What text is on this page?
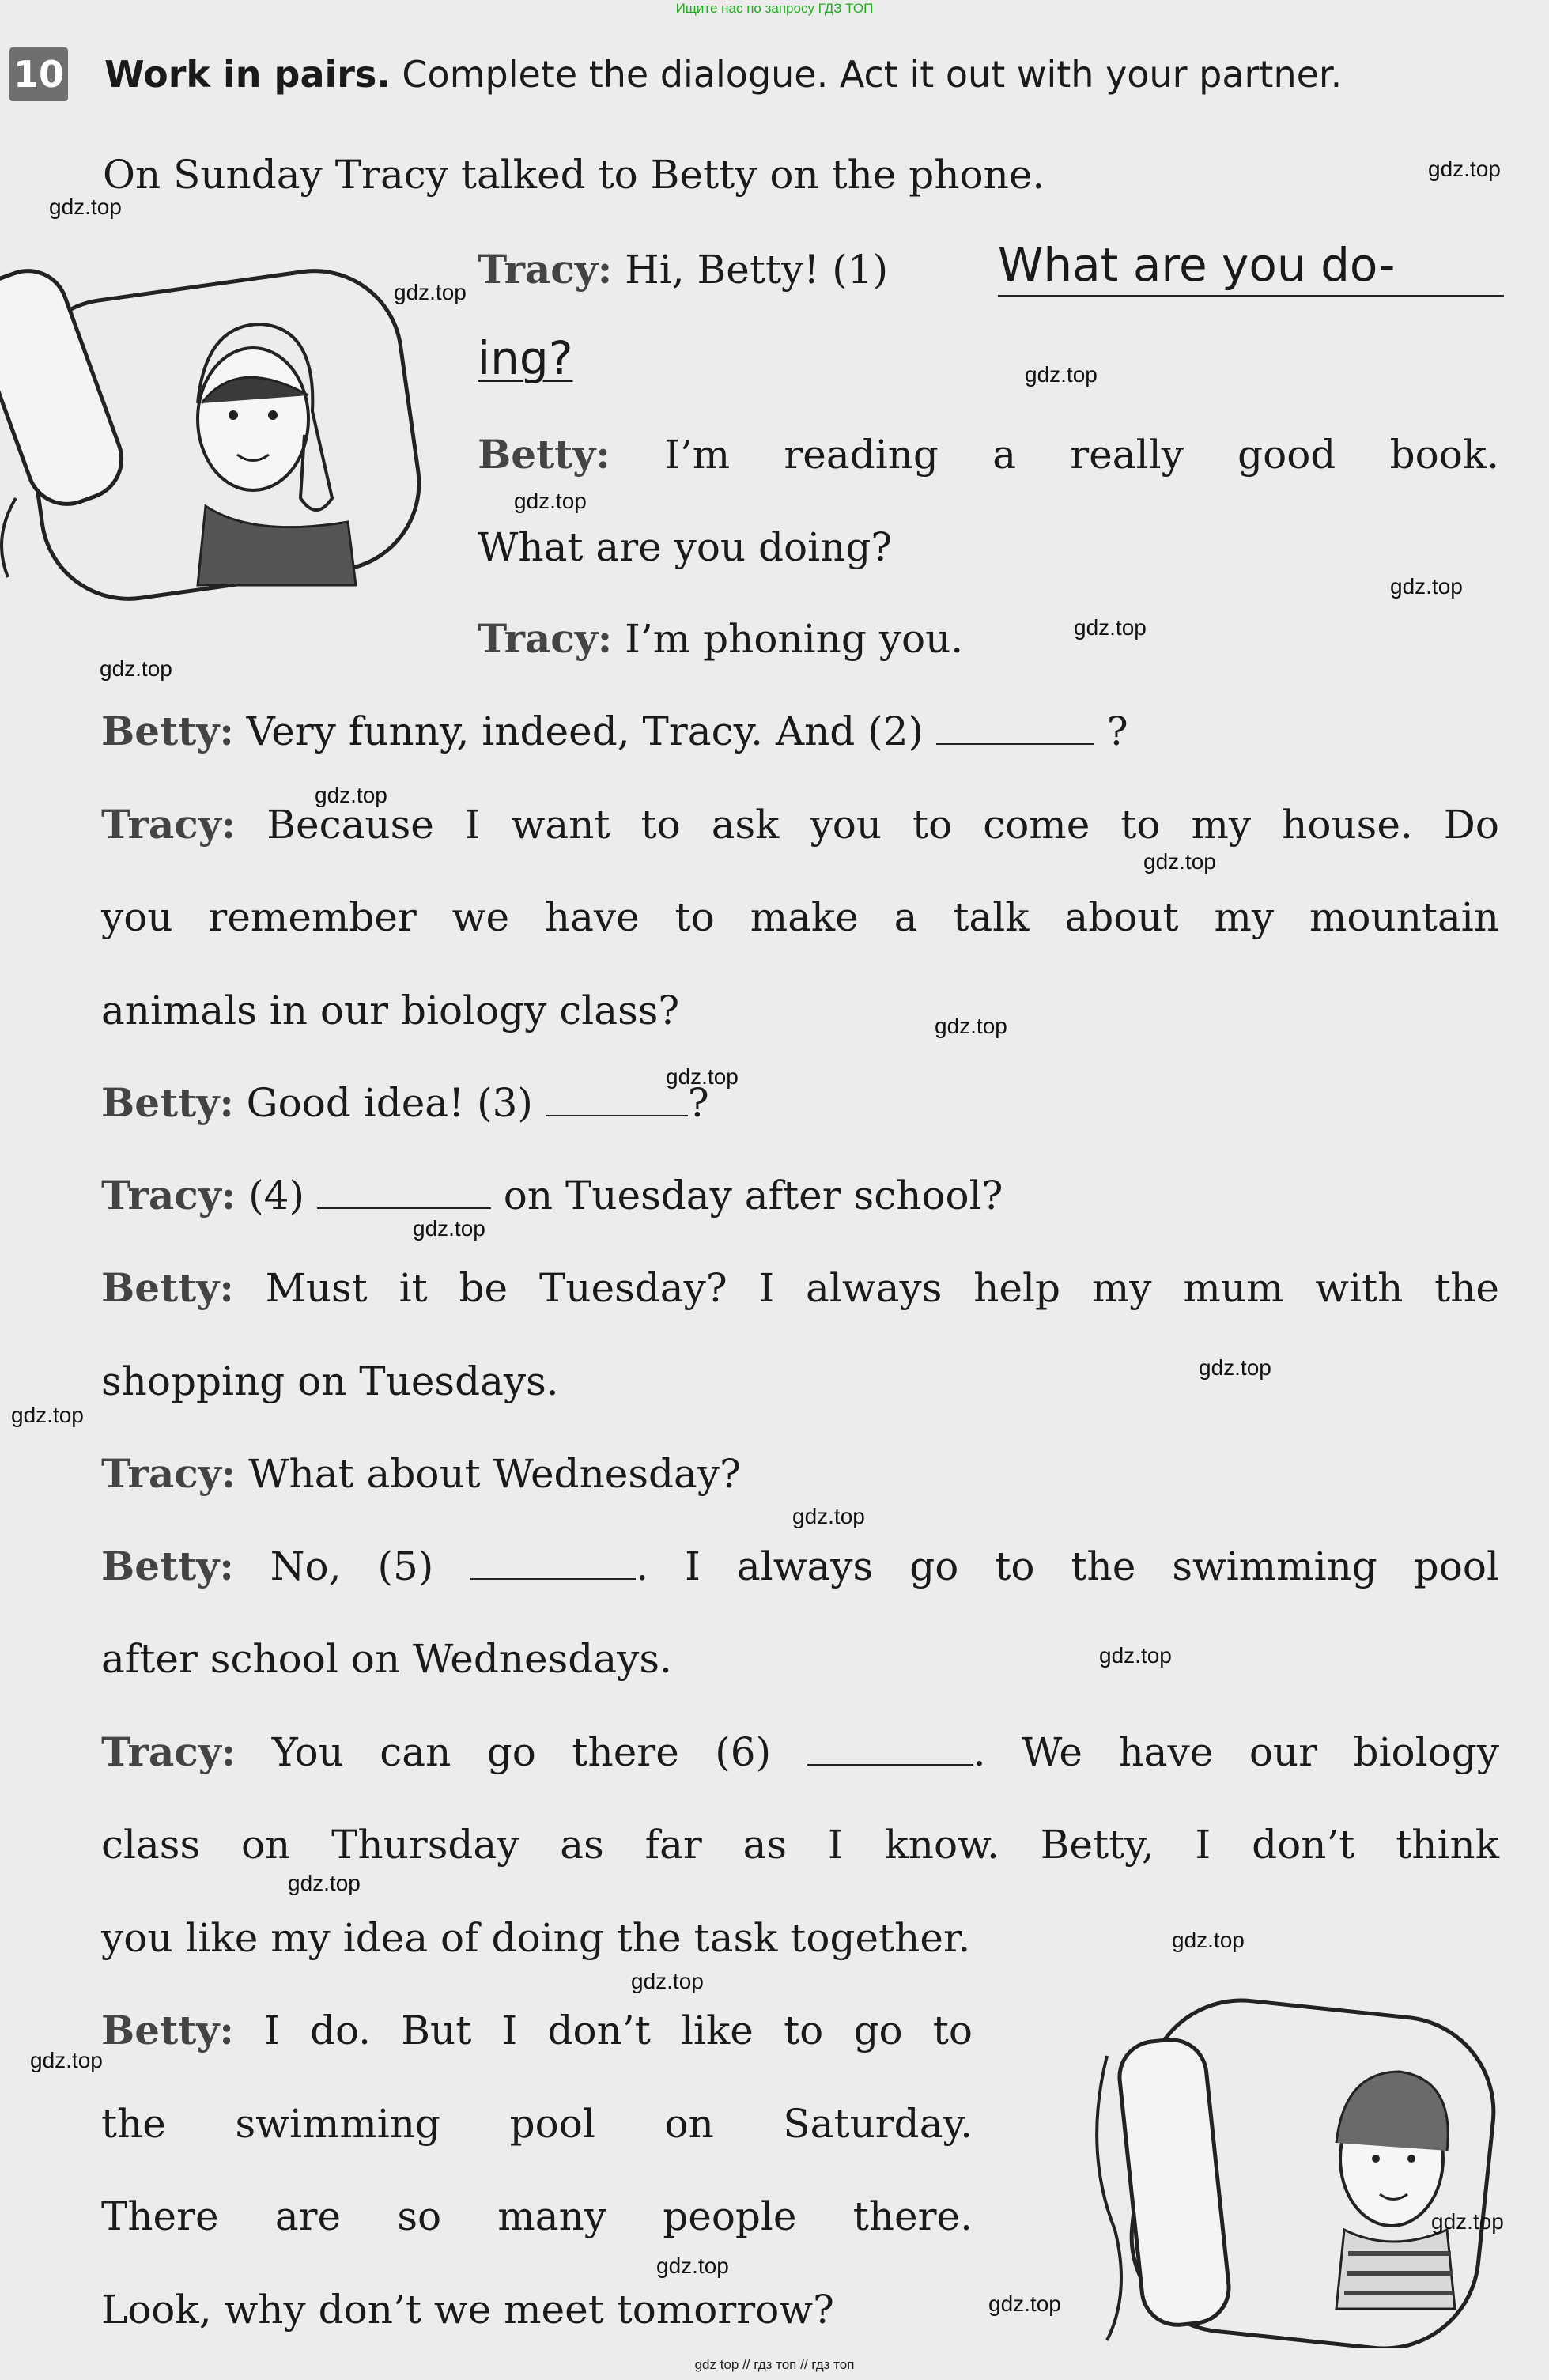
Ищите нас по запросу ГДЗ ТОП
10 Work in pairs. Complete the dialogue. Act it out with your partner.
On Sunday Tracy talked to Betty on the phone.
Tracy: Hi, Betty! (1) What are you do-
ing?
Betty: I’m reading a really good book.
What are you doing?
Tracy: I’m phoning you.
Betty: Very funny, indeed, Tracy. And (2)	?
Tracy: Because I want to ask you to come to my house. Do
you remember we have to make a talk about my mountain
animals in our biology class?
Betty: Good idea! (3)	?
Tracy: (4)	on Tuesday after school?
Betty: Must it be Tuesday? I always help my mum with the
shopping on Tuesdays.
Tracy: What about Wednesday?
Betty: No, (5)	. I always go to the swimming pool
after school on Wednesdays.
Tracy: You can go there (6)	. We have our biology
class on Thursday as far as I know. Betty, I don’t think
you like my idea of doing the task together.
Betty: I do. But I don’t like to go to
the swimming pool on Saturday.
There are so many people there.
Look, why don’t we meet tomorrow?
gdz.top
gdz.top
gdz.top
gdz.top
gdz.top
gdz.top
gdz.top
gdz.top
gdz.top
gdz.top
gdz.top
gdz.top
gdz.top
gdz.top
gdz.top
gdz.top
gdz.top
gdz.top
gdz.top
gdz.top
gdz.top
gdz.top
gdz.top
gdz.top
gdz top // гдз топ // гдз топ
